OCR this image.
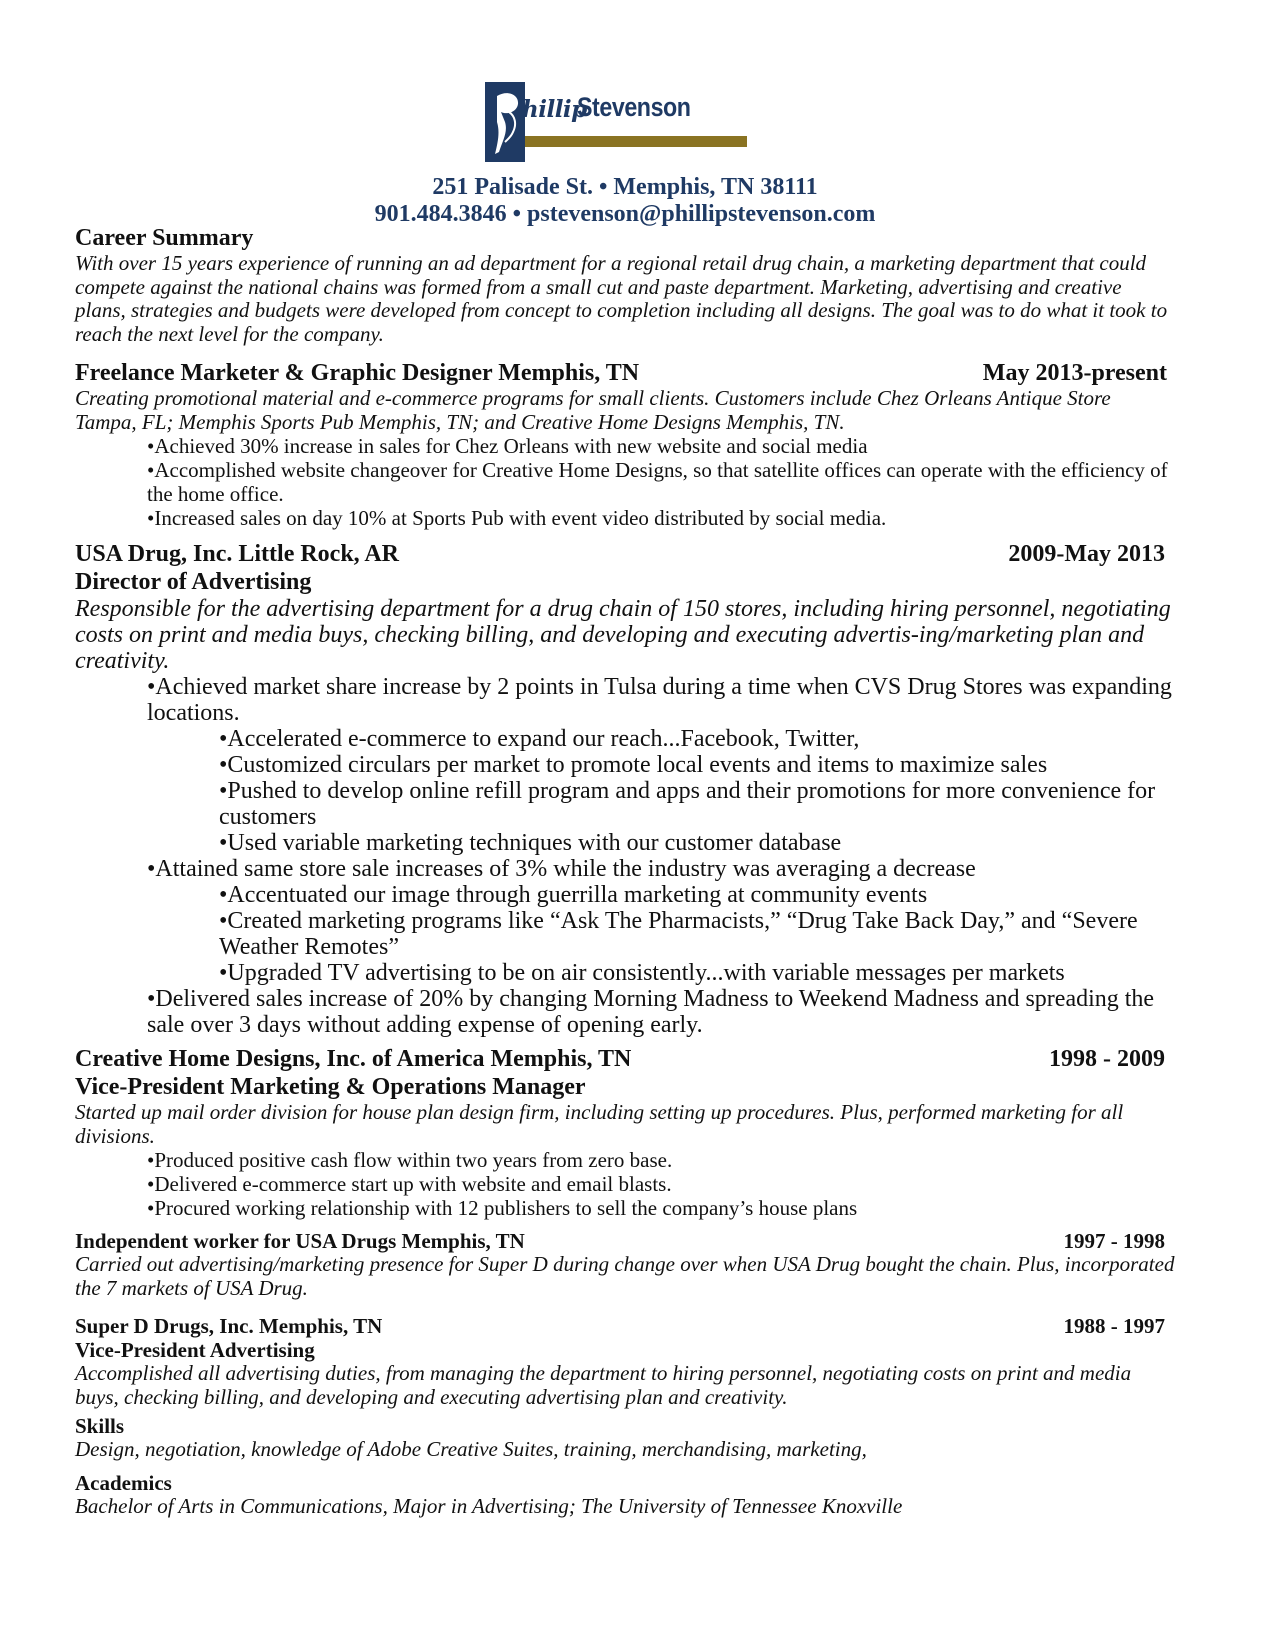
hillip
Stevenson
251 Palisade St. • Memphis, TN 38111
901.484.3846 • pstevenson@phillipstevenson.com
Career Summary
With over 15 years experience of running an ad department for a regional retail drug chain, a marketing department that could compete against the national chains was formed from a small cut and paste department. Marketing, advertising and creative plans, strategies and budgets were developed from concept to completion including all designs. The goal was to do what it took to reach the next level for the company.
Freelance Marketer & Graphic Designer Memphis, TN	May 2013-present
Creating promotional material and e-commerce programs for small clients. Customers include Chez Orleans Antique Store Tampa, FL; Memphis Sports Pub Memphis, TN; and Creative Home Designs Memphis, TN.
•Achieved 30% increase in sales for Chez Orleans with new website and social media
•Accomplished website changeover for Creative Home Designs, so that satellite offices can operate with the efficiency of the home office.
•Increased sales on day 10% at Sports Pub with event video distributed by social media.
USA Drug, Inc. Little Rock, AR	2009-May 2013
Director of Advertising
Responsible for the advertising department for a drug chain of 150 stores, including hiring personnel, negotiating costs on print and media buys, checking billing, and developing and executing advertis-ing/marketing plan and creativity.
•Achieved market share increase by 2 points in Tulsa during a time when CVS Drug Stores was expanding locations.
•Accelerated e-commerce to expand our reach...Facebook, Twitter,
•Customized circulars per market to promote local events and items to maximize sales
•Pushed to develop online refill program and apps and their promotions for more convenience for customers
•Used variable marketing techniques with our customer database
•Attained same store sale increases of 3% while the industry was averaging a decrease
•Accentuated our image through guerrilla marketing at community events
•Created marketing programs like “Ask The Pharmacists,” “Drug Take Back Day,” and “Severe Weather Remotes”
•Upgraded TV advertising to be on air consistently...with variable messages per markets
•Delivered sales increase of 20% by changing Morning Madness to Weekend Madness and spreading the sale over 3 days without adding expense of opening early.
Creative Home Designs, Inc. of America Memphis, TN	1998 - 2009
Vice-President Marketing & Operations Manager
Started up mail order division for house plan design firm, including setting up procedures. Plus, performed marketing for all divisions.
•Produced positive cash flow within two years from zero base.
•Delivered e-commerce start up with website and email blasts.
•Procured working relationship with 12 publishers to sell the company’s house plans
Independent worker for USA Drugs Memphis, TN	1997 - 1998
Carried out advertising/marketing presence for Super D during change over when USA Drug bought the chain. Plus, incorporated the 7 markets of USA Drug.
Super D Drugs, Inc. Memphis, TN	1988 - 1997
Vice-President Advertising
Accomplished all advertising duties, from managing the department to hiring personnel, negotiating costs on print and media buys, checking billing, and developing and executing advertising plan and creativity.
Skills
Design, negotiation, knowledge of Adobe Creative Suites, training, merchandising, marketing,
Academics
Bachelor of Arts in Communications, Major in Advertising; The University of Tennessee Knoxville
